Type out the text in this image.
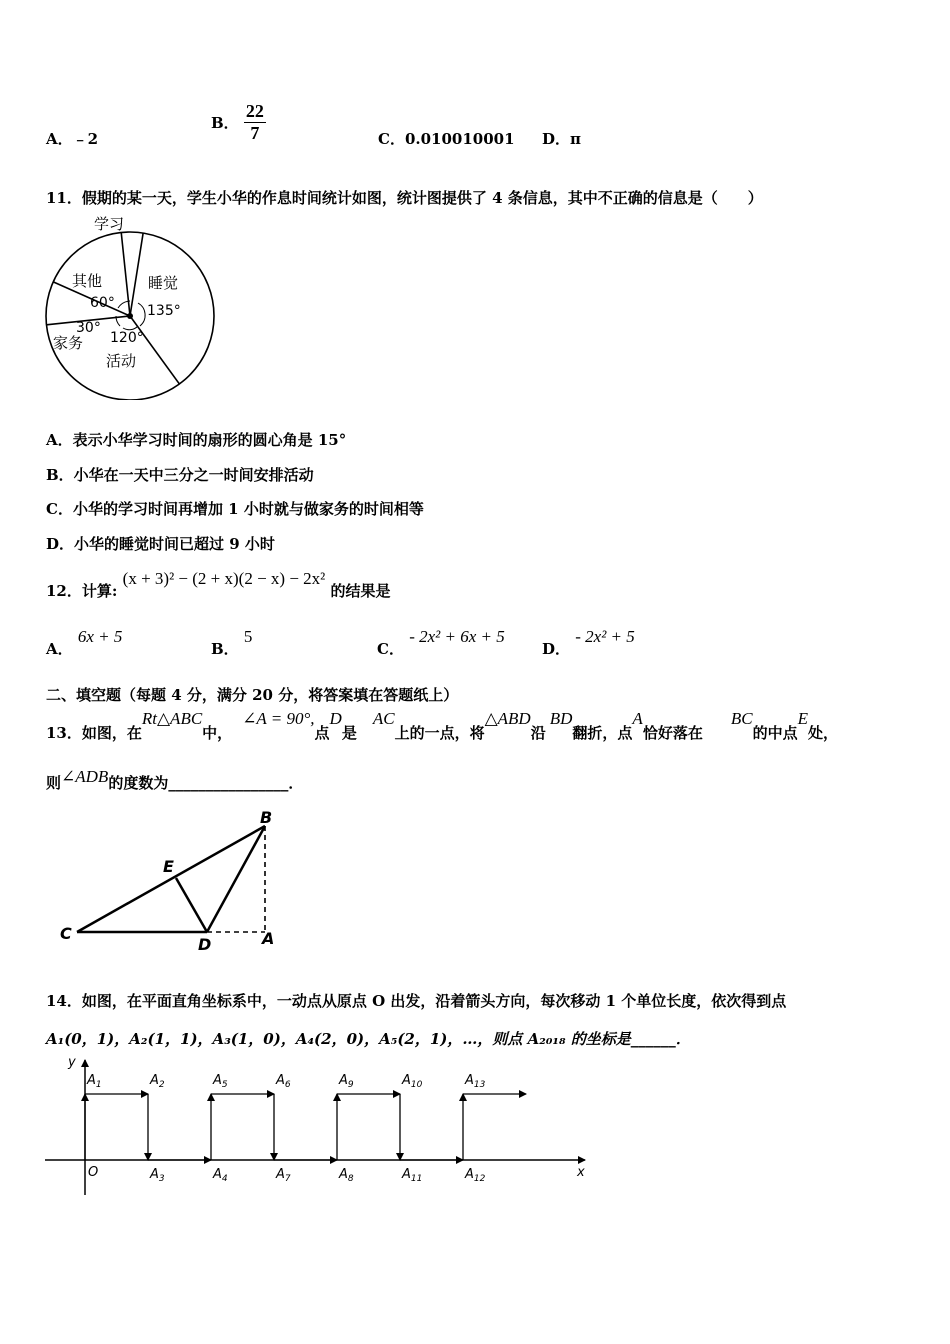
A．﹣2
B． $\frac{22}{7}$	C．0.010010001 D．π
11．假期的某一天，学生小华的作息时间统计如图，统计图提供了 4 条信息，其中不正确的信息是（　　）
学习
睡觉
其他
60° 135°
30°
家务 120°
活动
A．表示小华学习时间的扇形的圆心角是 15°
B．小华在一天中三分之一时间安排活动
C．小华的学习时间再增加 1 小时就与做家务的时间相等
D．小华的睡觉时间已超过 9 小时
12．计算: (x + 3)² − (2 + x)(2 − x) − 2x² 的结果是
A． 6x + 5
B． 5
C． - 2x² + 6x + 5
D． - 2x² + 5
二、填空题（每题 4 分，满分 20 分，将答案填在答题纸上）
13．如图，在Rt△ABC中，∠A = 90°,点D是AC上的一点，将△ABD沿BD翻折，点A恰好落在BC的中点E处，
则∠ADB的度数为________________．
B
E
C
D	A
14．如图，在平面直角坐标系中，一动点从原点 O 出发，沿着箭头方向，每次移动 1 个单位长度，依次得到点
A₁(0，1)，A₂(1，1)，A₃(1，0)，A₄(2，0)，A₅(2，1)，…，则点 A₂₀₁₈ 的坐标是______．
x
y
O
$A_1$	$A_2$
$A_3$	$A_4$
$A_5$	$A_6$
$A_7$	$A_8$
$A_9$	$A_{10}$
$A_{11}$	$A_{12}$
$A_{13}$
